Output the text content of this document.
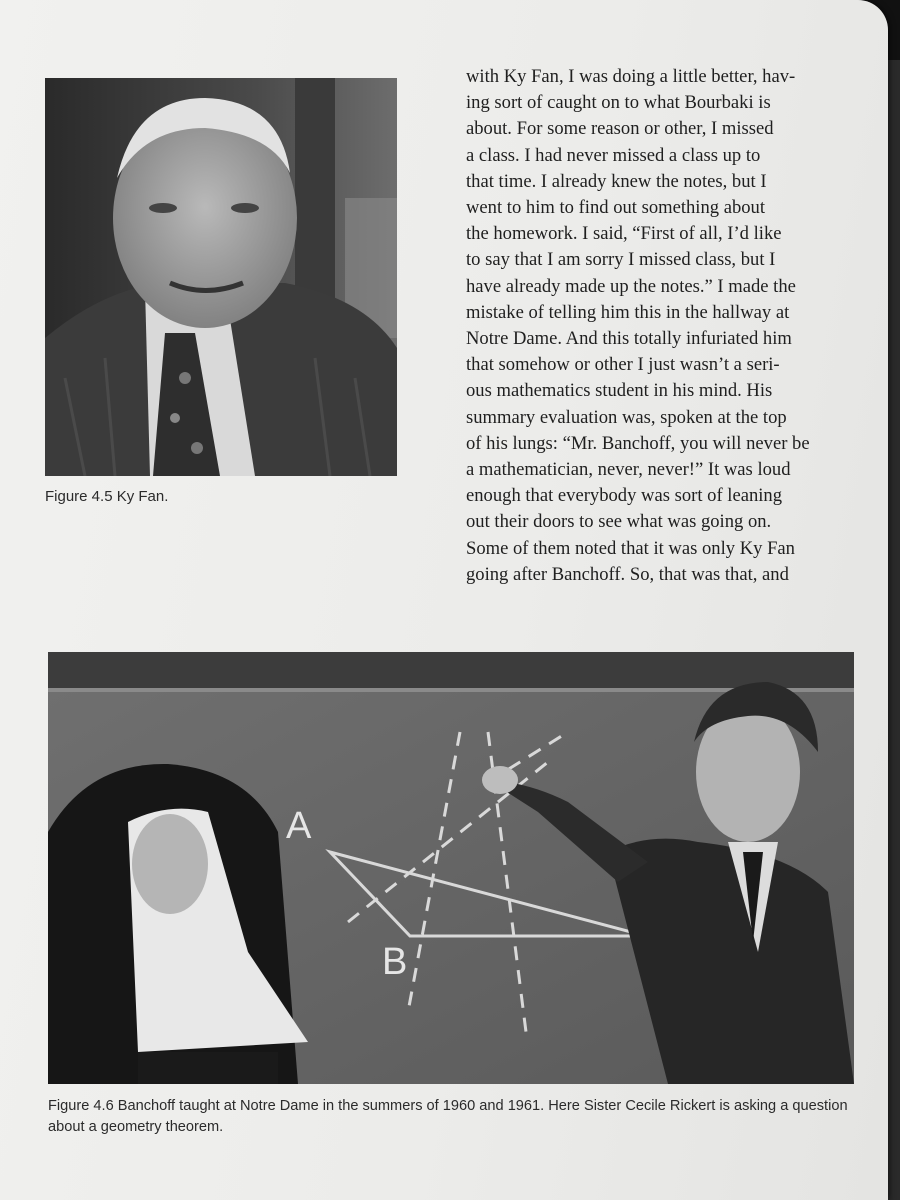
Figure 4.5 Ky Fan.

with Ky Fan, I was doing a little better, hav-
ing sort of caught on to what Bourbaki is
about. For some reason or other, I missed
a class. I had never missed a class up to
that time. I already knew the notes, but I
went to him to find out something about
the homework. I said, “First of all, I’d like
to say that I am sorry I missed class, but I
have already made up the notes.” I made the
mistake of telling him this in the hallway at
Notre Dame. And this totally infuriated him
that somehow or other I just wasn’t a seri-
ous mathematics student in his mind. His
summary evaluation was, spoken at the top
of his lungs: “Mr. Banchoff, you will never be
a mathematician, never, never!” It was loud
enough that everybody was sort of leaning
out their doors to see what was going on.
Some of them noted that it was only Ky Fan
going after Banchoff. So, that was that, and

A
B
Figure 4.6 Banchoff taught at Notre Dame in the summers of 1960 and 1961. Here Sister Cecile Rickert is asking a question about a geometry theorem.
